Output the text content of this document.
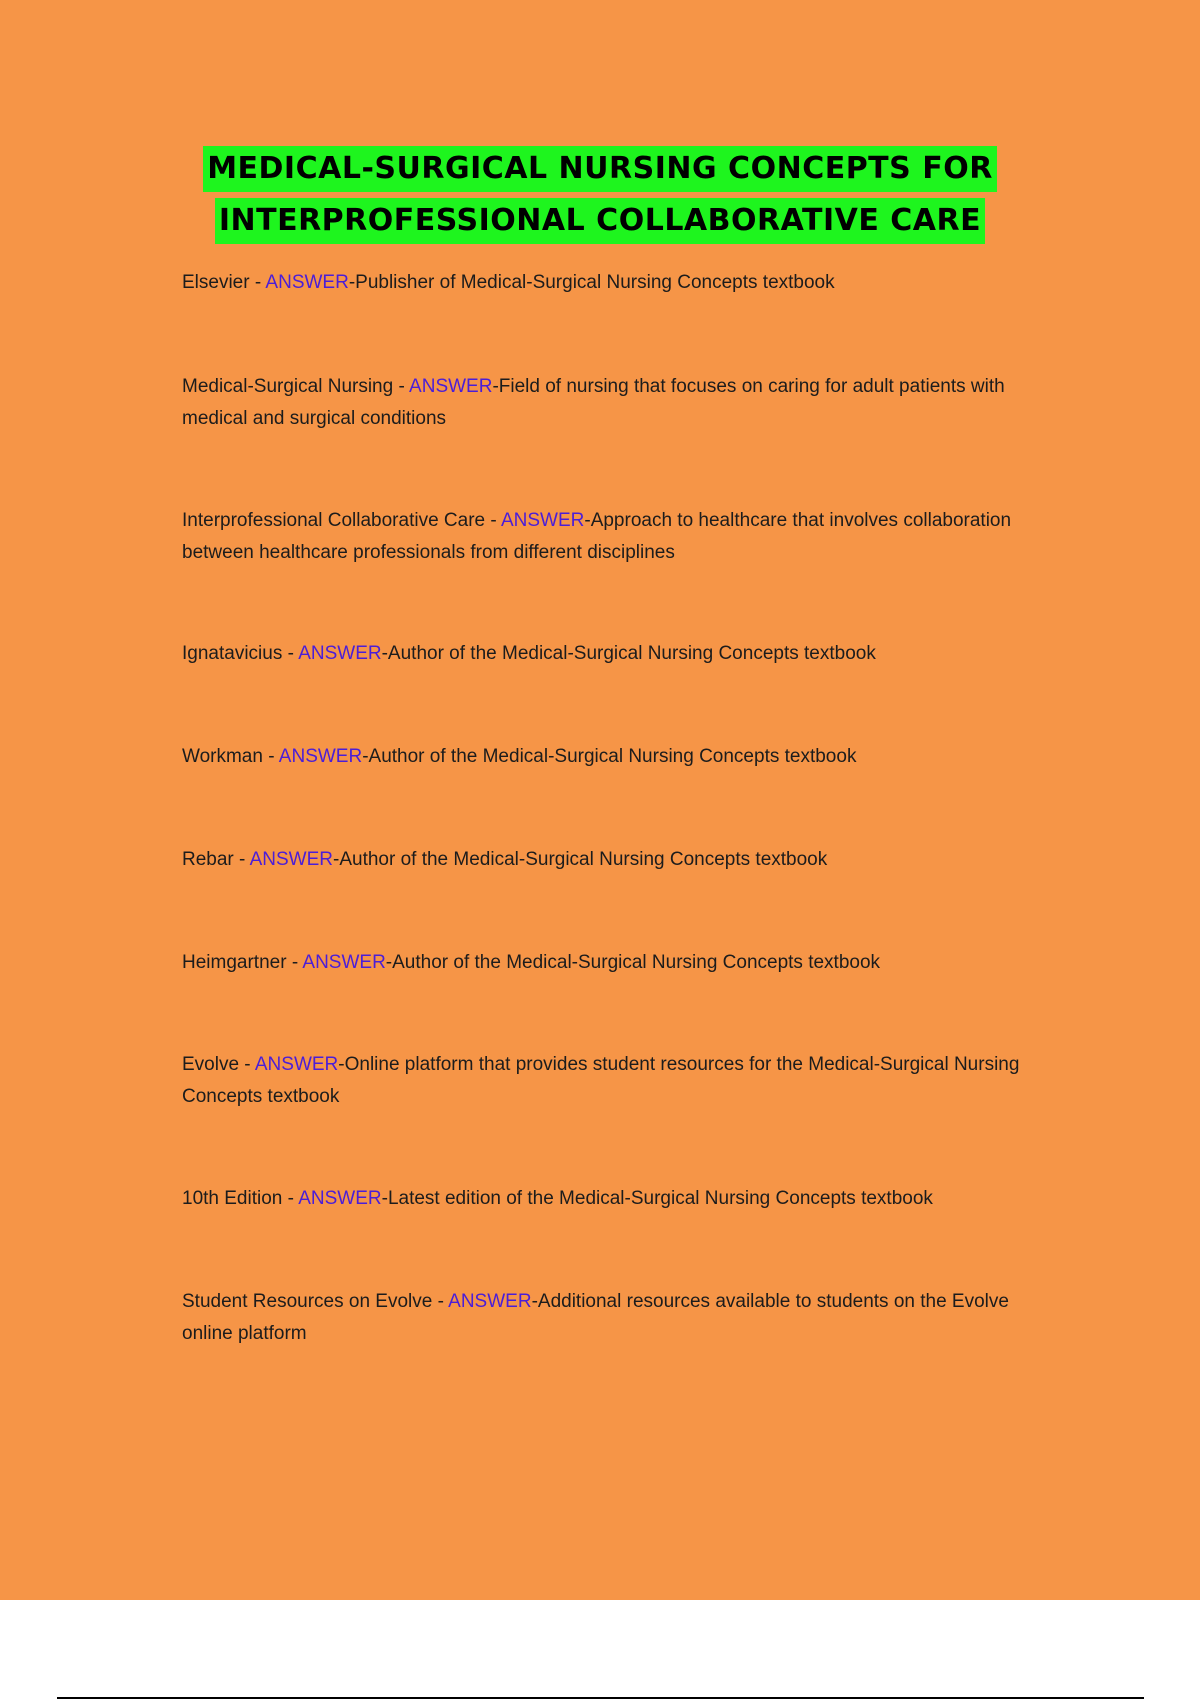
MEDICAL-SURGICAL NURSING CONCEPTS FOR
INTERPROFESSIONAL COLLABORATIVE CARE
Elsevier - ANSWER-Publisher of Medical-Surgical Nursing Concepts textbook
Medical-Surgical Nursing - ANSWER-Field of nursing that focuses on caring for adult patients with medical and surgical conditions
Interprofessional Collaborative Care - ANSWER-Approach to healthcare that involves collaboration between healthcare professionals from different disciplines
Ignatavicius - ANSWER-Author of the Medical-Surgical Nursing Concepts textbook
Workman - ANSWER-Author of the Medical-Surgical Nursing Concepts textbook
Rebar - ANSWER-Author of the Medical-Surgical Nursing Concepts textbook
Heimgartner - ANSWER-Author of the Medical-Surgical Nursing Concepts textbook
Evolve - ANSWER-Online platform that provides student resources for the Medical-Surgical Nursing Concepts textbook
10th Edition - ANSWER-Latest edition of the Medical-Surgical Nursing Concepts textbook
Student Resources on Evolve - ANSWER-Additional resources available to students on the Evolve online platform
